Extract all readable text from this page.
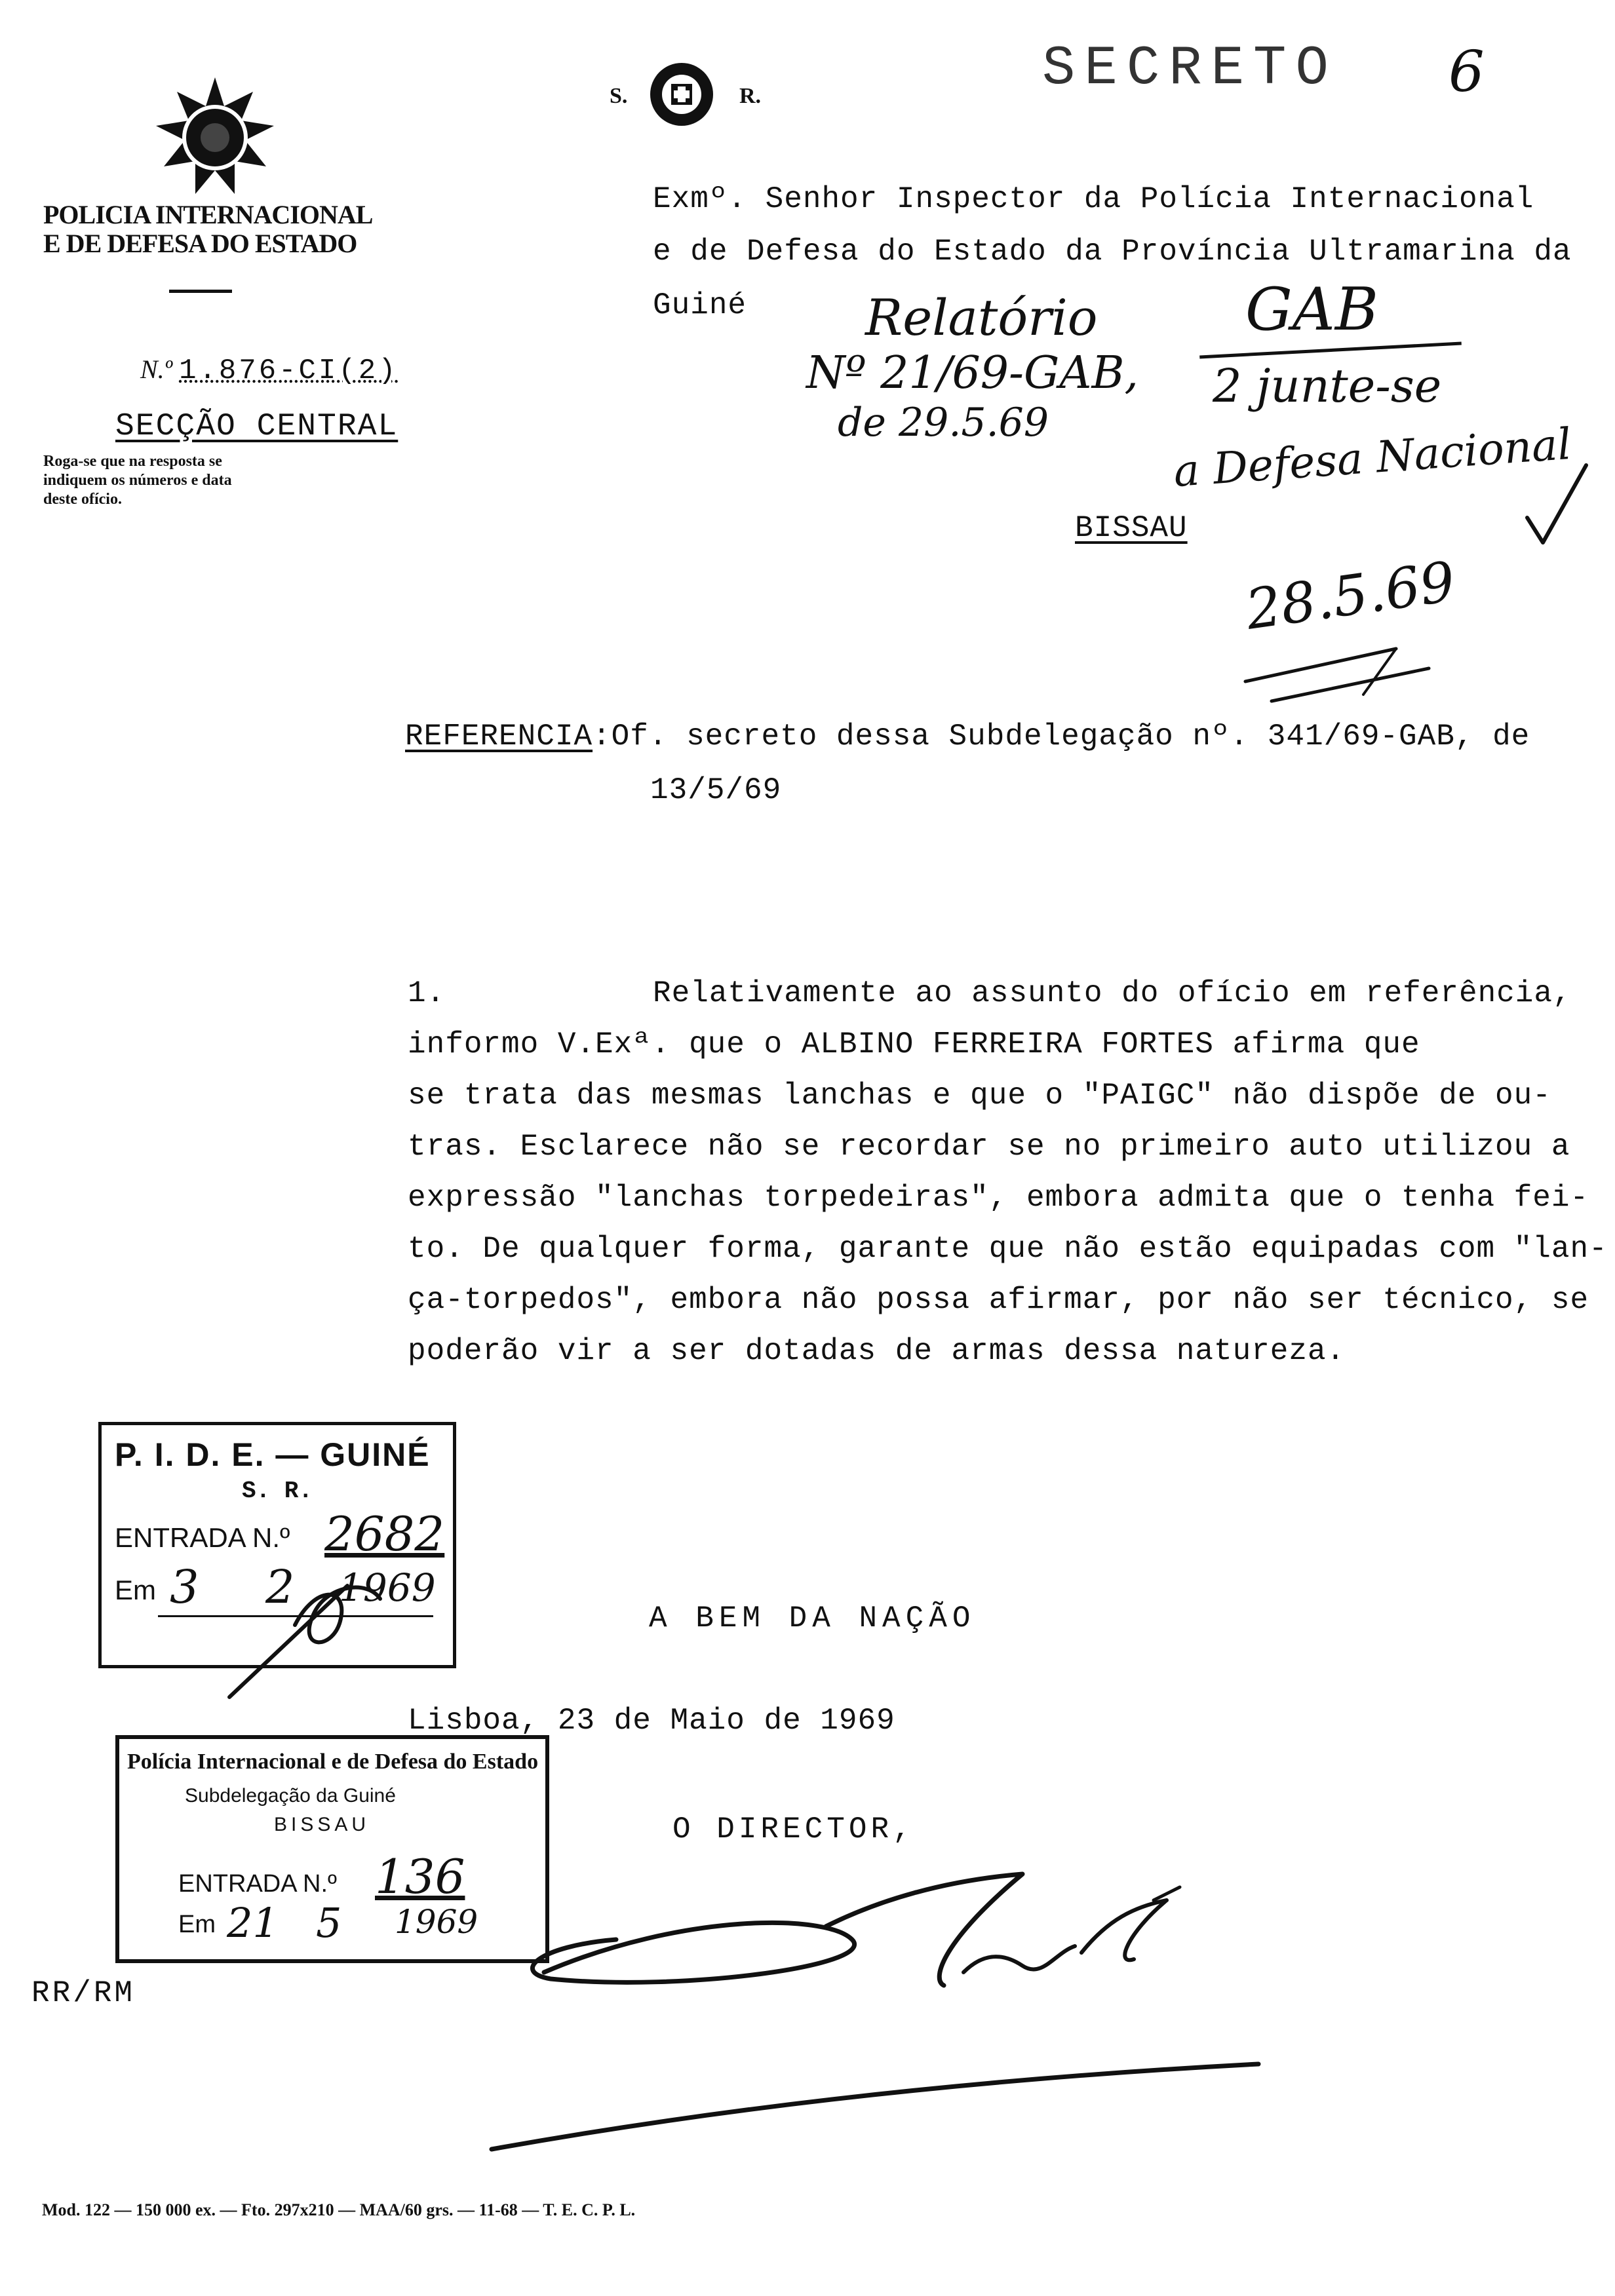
SECRETO 6
POLICIA INTERNACIONAL
E DE DEFESA DO ESTADO
N.º 1.876-CI(2)
SECÇÃO CENTRAL
Roga-se que na resposta se
indiquem os números e data
deste ofício.
S.	R.
Exmº. Senhor Inspector da Polícia Internacional
e de Defesa do Estado da Província Ultramarina da
Guiné
BISSAU
Relatório
Nº 21/69-GAB,
de 29.5.69
GAB
2 junte-se
a Defesa Nacional
28.5.69
REFERENCIA:Of. secreto dessa Subdelegação nº. 341/69-GAB, de
13/5/69
1.	Relativamente ao assunto do ofício em referência,
informo V.Exª. que o ALBINO FERREIRA FORTES afirma que
se trata das mesmas lanchas e que o "PAIGC" não dispõe de ou-
tras. Esclarece não se recordar se no primeiro auto utilizou a
expressão "lanchas torpedeiras", embora admita que o tenha fei-
to. De qualquer forma, garante que não estão equipadas com "lan-
ça-torpedos", embora não possa afirmar, por não ser técnico, se
poderão vir a ser dotadas de armas dessa natureza.
P. I. D. E. — GUINÉ
S. R.
ENTRADA N.º 2682
Em 3 2 1969
Polícia Internacional e de Defesa do Estado
Subdelegação da Guiné
BISSAU
ENTRADA N.º 136
Em 21 5 1969
A BEM DA NAÇÃO
Lisboa, 23 de Maio de 1969
O DIRECTOR,
RR/RM
Mod. 122 — 150 000 ex. — Fto. 297x210 — MAA/60 grs. — 11-68 — T. E. C. P. L.
